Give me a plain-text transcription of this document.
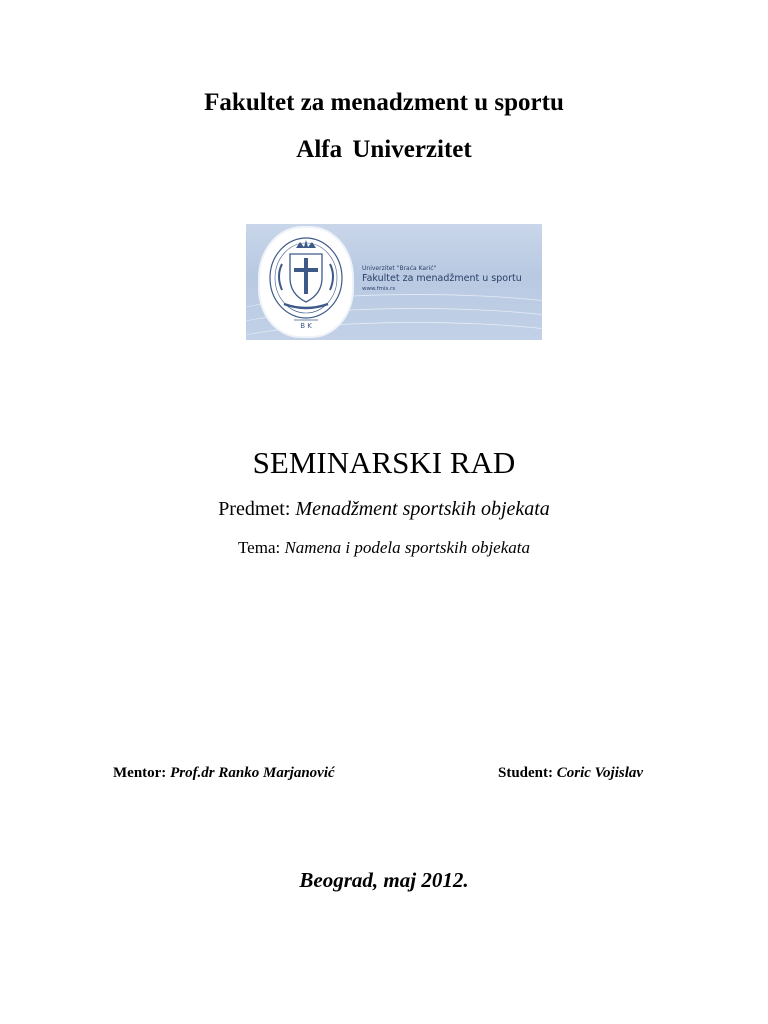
Fakultet za menadzment u sportu
Alfa Univerzitet
B K
Univerzitet "Braća Karić"
Fakultet za menadžment u sportu
www.fmis.rs
SEMINARSKI RAD
Predmet: Menadžment sportskih objekata
Tema: Namena i podela sportskih objekata
Mentor: Prof.dr Ranko Marjanović	Student: Coric Vojislav
Beograd, maj 2012.
